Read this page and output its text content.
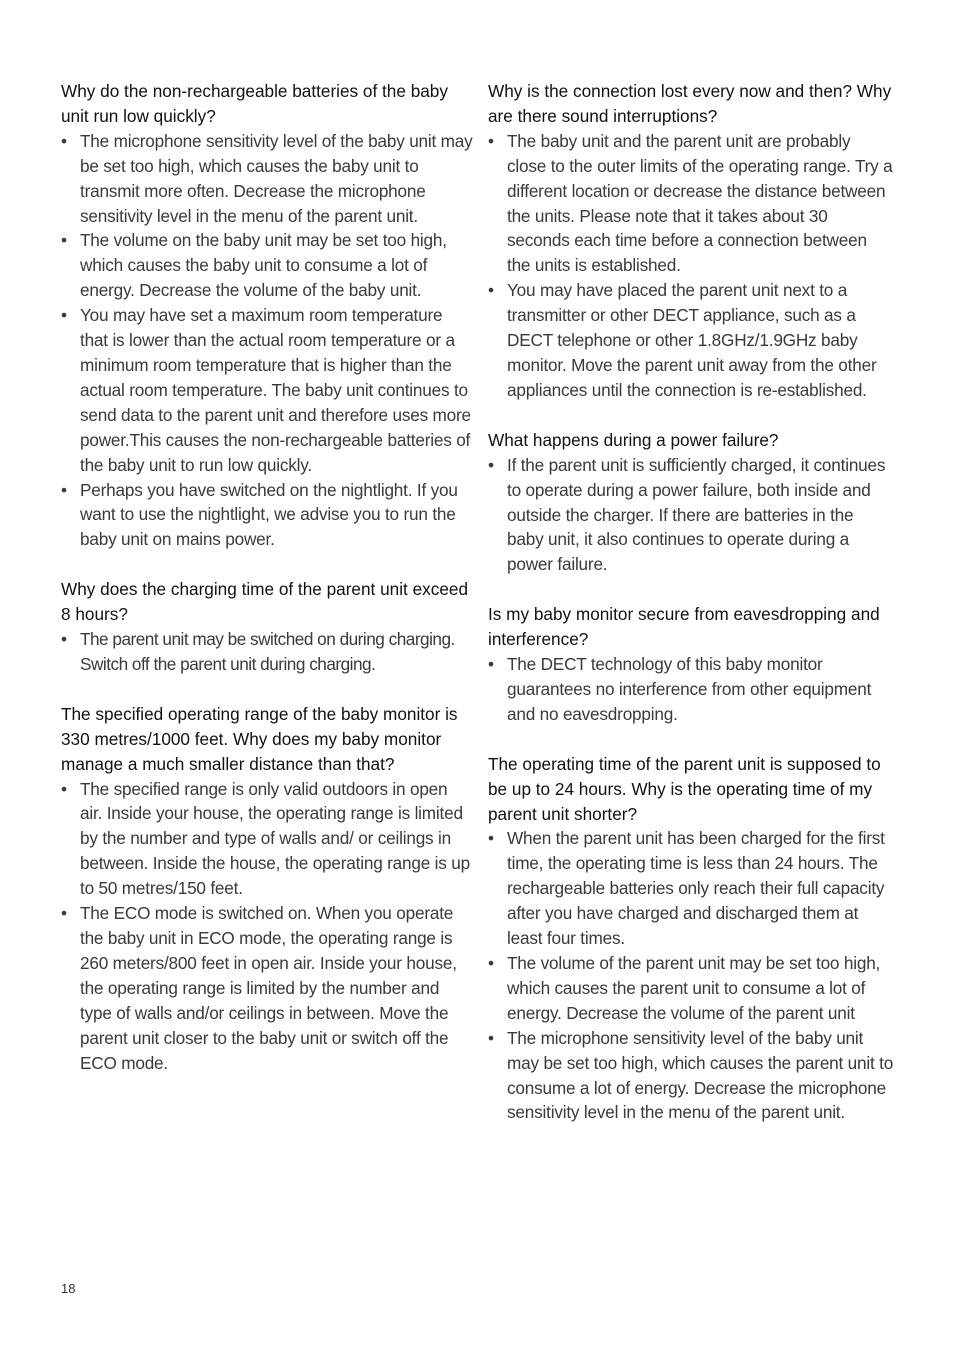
Why do the non-rechargeable batteries of the baby unit run low quickly?

• The microphone sensitivity level of the baby unit may be set too high, which causes the baby unit to transmit more often. Decrease the microphone sensitivity level in the menu of the parent unit.
• The volume on the baby unit may be set too high, which causes the baby unit to consume a lot of energy. Decrease the volume of the baby unit.
• You may have set a maximum room temperature that is lower than the actual room temperature or a minimum room temperature that is higher than the actual room temperature. The baby unit continues to send data to the parent unit and therefore uses more power.This causes the non-rechargeable batteries of the baby unit to run low quickly.
• Perhaps you have switched on the nightlight. If you want to use the nightlight, we advise you to run the baby unit on mains power.

Why does the charging time of the parent unit exceed 8 hours?

• The parent unit may be switched on during charging. Switch off the parent unit during charging.

The specified operating range of the baby monitor is 330 metres/1000 feet. Why does my baby monitor manage a much smaller distance than that?

• The specified range is only valid outdoors in open air. Inside your house, the operating range is limited by the number and type of walls and/ or ceilings in between. Inside the house, the operating range is up to 50 metres/150 feet.
• The ECO mode is switched on. When you operate the baby unit in ECO mode, the operating range is 260 meters/800 feet in open air. Inside your house, the operating range is limited by the number and type of walls and/or ceilings in between. Move the parent unit closer to the baby unit or switch off the ECO mode.

Why is the connection lost every now and then? Why are there sound interruptions?

• The baby unit and the parent unit are probably close to the outer limits of the operating range. Try a different location or decrease the distance between the units. Please note that it takes about 30 seconds each time before a connection between the units is established.
• You may have placed the parent unit next to a transmitter or other DECT appliance, such as a DECT telephone or other 1.8GHz/1.9GHz baby monitor. Move the parent unit away from the other appliances until the connection is re-established.

What happens during a power failure?

• If the parent unit is sufficiently charged, it continues to operate during a power failure, both inside and outside the charger. If there are batteries in the baby unit, it also continues to operate during a power failure.

Is my baby monitor secure from eavesdropping and interference?

• The DECT technology of this baby monitor guarantees no interference from other equipment and no eavesdropping.

The operating time of the parent unit is supposed to be up to 24 hours. Why is the operating time of my parent unit shorter?

• When the parent unit has been charged for the first time, the operating time is less than 24 hours. The rechargeable batteries only reach their full capacity after you have charged and discharged them at least four times.
• The volume of the parent unit may be set too high, which causes the parent unit to consume a lot of energy. Decrease the volume of the parent unit
• The microphone sensitivity level of the baby unit may be set too high, which causes the parent unit to consume a lot of energy. Decrease the microphone sensitivity level in the menu of the parent unit.
18
